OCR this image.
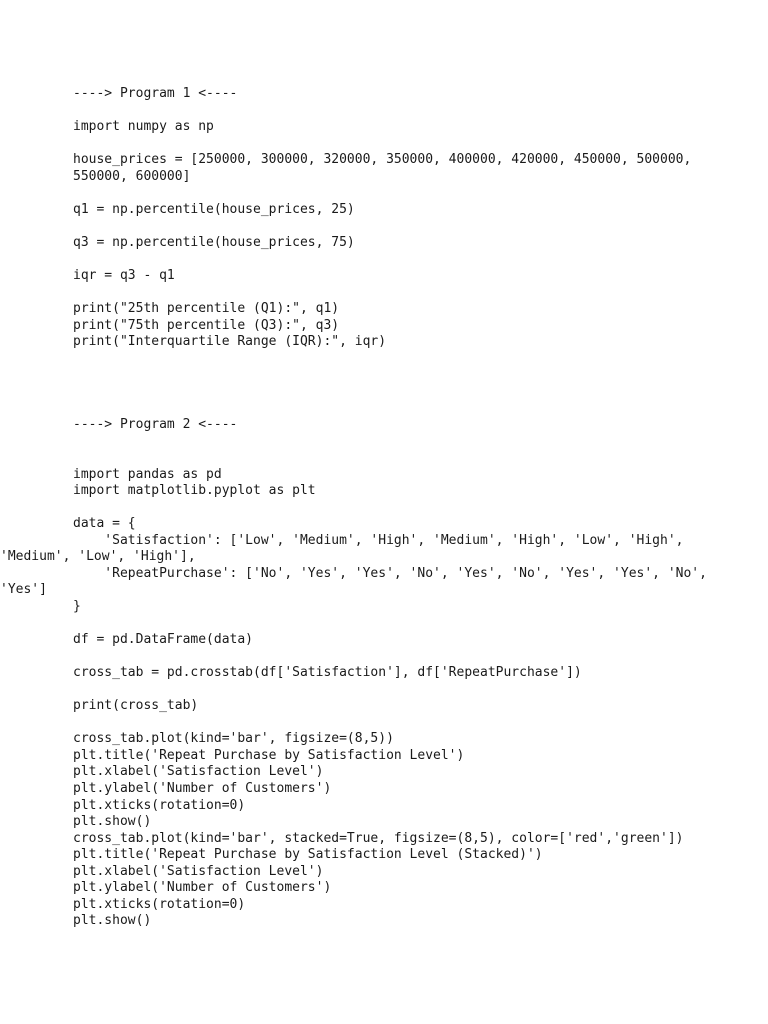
----> Program 1 <----
import numpy as np
house_prices = [250000, 300000, 320000, 350000, 400000, 420000, 450000, 500000,
550000, 600000]
q1 = np.percentile(house_prices, 25)
q3 = np.percentile(house_prices, 75)
iqr = q3 - q1
print("25th percentile (Q1):", q1)
print("75th percentile (Q3):", q3)
print("Interquartile Range (IQR):", iqr)
----> Program 2 <----
import pandas as pd
import matplotlib.pyplot as plt
data = {
'Satisfaction': ['Low', 'Medium', 'High', 'Medium', 'High', 'Low', 'High',
'Medium', 'Low', 'High'],
'RepeatPurchase': ['No', 'Yes', 'Yes', 'No', 'Yes', 'No', 'Yes', 'Yes', 'No',
'Yes']
}
df = pd.DataFrame(data)
cross_tab = pd.crosstab(df['Satisfaction'], df['RepeatPurchase'])
print(cross_tab)
cross_tab.plot(kind='bar', figsize=(8,5))
plt.title('Repeat Purchase by Satisfaction Level')
plt.xlabel('Satisfaction Level')
plt.ylabel('Number of Customers')
plt.xticks(rotation=0)
plt.show()
cross_tab.plot(kind='bar', stacked=True, figsize=(8,5), color=['red','green'])
plt.title('Repeat Purchase by Satisfaction Level (Stacked)')
plt.xlabel('Satisfaction Level')
plt.ylabel('Number of Customers')
plt.xticks(rotation=0)
plt.show()
